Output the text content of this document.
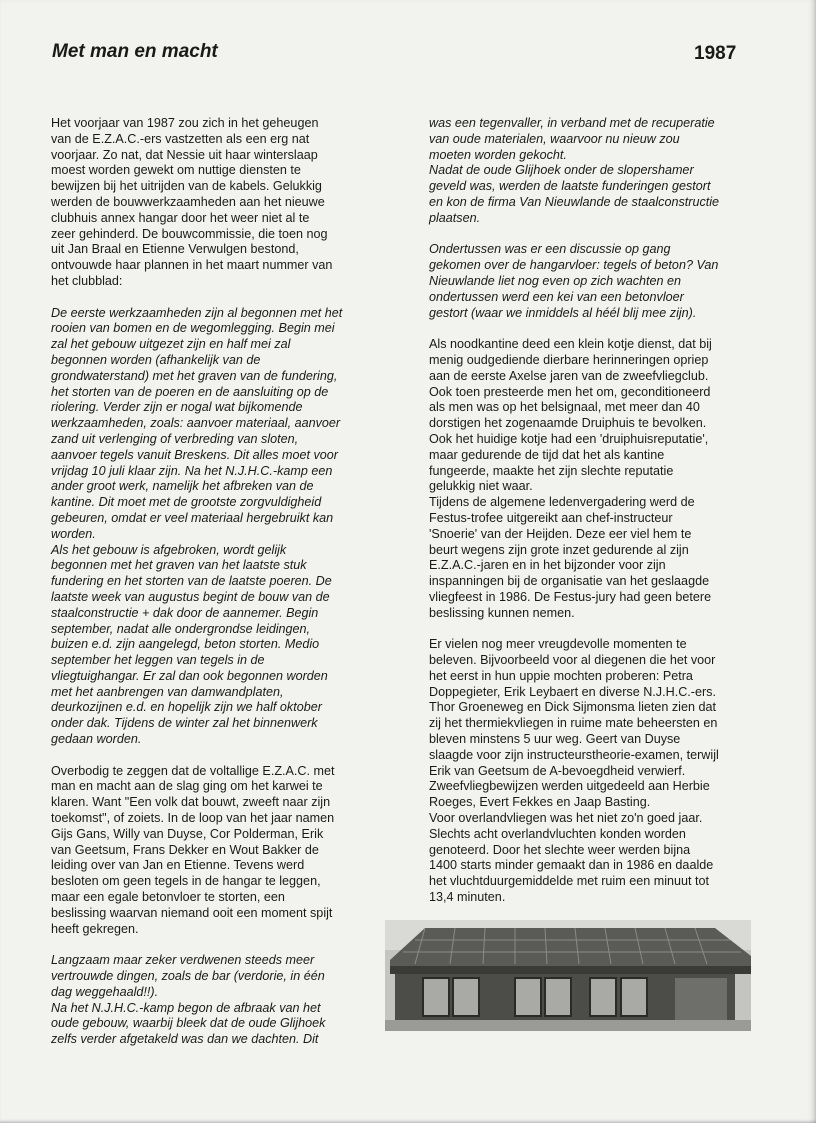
Met man en macht	1987

Het voorjaar van 1987 zou zich in het geheugen
van de E.Z.A.C.-ers vastzetten als een erg nat
voorjaar. Zo nat, dat Nessie uit haar winterslaap
moest worden gewekt om nuttige diensten te
bewijzen bij het uitrijden van de kabels. Gelukkig
werden de bouwwerkzaamheden aan het nieuwe
clubhuis annex hangar door het weer niet al te
zeer gehinderd. De bouwcommissie, die toen nog
uit Jan Braal en Etienne Verwulgen bestond,
ontvouwde haar plannen in het maart nummer van
het clubblad:

De eerste werkzaamheden zijn al begonnen met het
rooien van bomen en de wegomlegging. Begin mei
zal het gebouw uitgezet zijn en half mei zal
begonnen worden (afhankelijk van de
grondwaterstand) met het graven van de fundering,
het storten van de poeren en de aansluiting op de
riolering. Verder zijn er nogal wat bijkomende
werkzaamheden, zoals: aanvoer materiaal, aanvoer
zand uit verlenging of verbreding van sloten,
aanvoer tegels vanuit Breskens. Dit alles moet voor
vrijdag 10 juli klaar zijn. Na het N.J.H.C.-kamp een
ander groot werk, namelijk het afbreken van de
kantine. Dit moet met de grootste zorgvuldigheid
gebeuren, omdat er veel materiaal hergebruikt kan
worden.

Als het gebouw is afgebroken, wordt gelijk
begonnen met het graven van het laatste stuk
fundering en het storten van de laatste poeren. De
laatste week van augustus begint de bouw van de
staalconstructie + dak door de aannemer. Begin
september, nadat alle ondergrondse leidingen,
buizen e.d. zijn aangelegd, beton storten. Medio
september het leggen van tegels in de
vliegtuighangar. Er zal dan ook begonnen worden
met het aanbrengen van damwandplaten,
deurkozijnen e.d. en hopelijk zijn we half oktober
onder dak. Tijdens de winter zal het binnenwerk
gedaan worden.

Overbodig te zeggen dat de voltallige E.Z.A.C. met
man en macht aan de slag ging om het karwei te
klaren. Want "Een volk dat bouwt, zweeft naar zijn
toekomst", of zoiets. In de loop van het jaar namen
Gijs Gans, Willy van Duyse, Cor Polderman, Erik
van Geetsum, Frans Dekker en Wout Bakker de
leiding over van Jan en Etienne. Tevens werd
besloten om geen tegels in de hangar te leggen,
maar een egale betonvloer te storten, een
beslissing waarvan niemand ooit een moment spijt
heeft gekregen.

Langzaam maar zeker verdwenen steeds meer
vertrouwde dingen, zoals de bar (verdorie, in één
dag weggehaald!!).

Na het N.J.H.C.-kamp begon de afbraak van het
oude gebouw, waarbij bleek dat de oude Glijhoek
zelfs verder afgetakeld was dan we dachten. Dit

was een tegenvaller, in verband met de recuperatie
van oude materialen, waarvoor nu nieuw zou
moeten worden gekocht.

Nadat de oude Glijhoek onder de slopershamer
geveld was, werden de laatste funderingen gestort
en kon de firma Van Nieuwlande de staalconstructie
plaatsen.

Ondertussen was er een discussie op gang
gekomen over de hangarvloer: tegels of beton? Van
Nieuwlande liet nog even op zich wachten en
ondertussen werd een kei van een betonvloer
gestort (waar we inmiddels al héél blij mee zijn).

Als noodkantine deed een klein kotje dienst, dat bij
menig oudgediende dierbare herinneringen opriep
aan de eerste Axelse jaren van de zweefvliegclub.
Ook toen presteerde men het om, geconditioneerd
als men was op het belsignaal, met meer dan 40
dorstigen het zogenaamde Druiphuis te bevolken.
Ook het huidige kotje had een 'druiphuisreputatie',
maar gedurende de tijd dat het als kantine
fungeerde, maakte het zijn slechte reputatie
gelukkig niet waar.

Tijdens de algemene ledenvergadering werd de
Festus-trofee uitgereikt aan chef-instructeur
'Snoerie' van der Heijden. Deze eer viel hem te
beurt wegens zijn grote inzet gedurende al zijn
E.Z.A.C.-jaren en in het bijzonder voor zijn
inspanningen bij de organisatie van het geslaagde
vliegfeest in 1986. De Festus-jury had geen betere
beslissing kunnen nemen.

Er vielen nog meer vreugdevolle momenten te
beleven. Bijvoorbeeld voor al diegenen die het voor
het eerst in hun uppie mochten proberen: Petra
Doppegieter, Erik Leybaert en diverse N.J.H.C.-ers.
Thor Groeneweg en Dick Sijmonsma lieten zien dat
zij het thermiekvliegen in ruime mate beheersten en
bleven minstens 5 uur weg. Geert van Duyse
slaagde voor zijn instructeurstheorie-examen, terwijl
Erik van Geetsum de A-bevoegdheid verwierf.
Zweefvliegbewijzen werden uitgedeeld aan Herbie
Roeges, Evert Fekkes en Jaap Basting.

Voor overlandvliegen was het niet zo'n goed jaar.
Slechts acht overlandvluchten konden worden
genoteerd. Door het slechte weer werden bijna
1400 starts minder gemaakt dan in 1986 en daalde
het vluchtduurgemiddelde met ruim een minuut tot
13,4 minuten.
